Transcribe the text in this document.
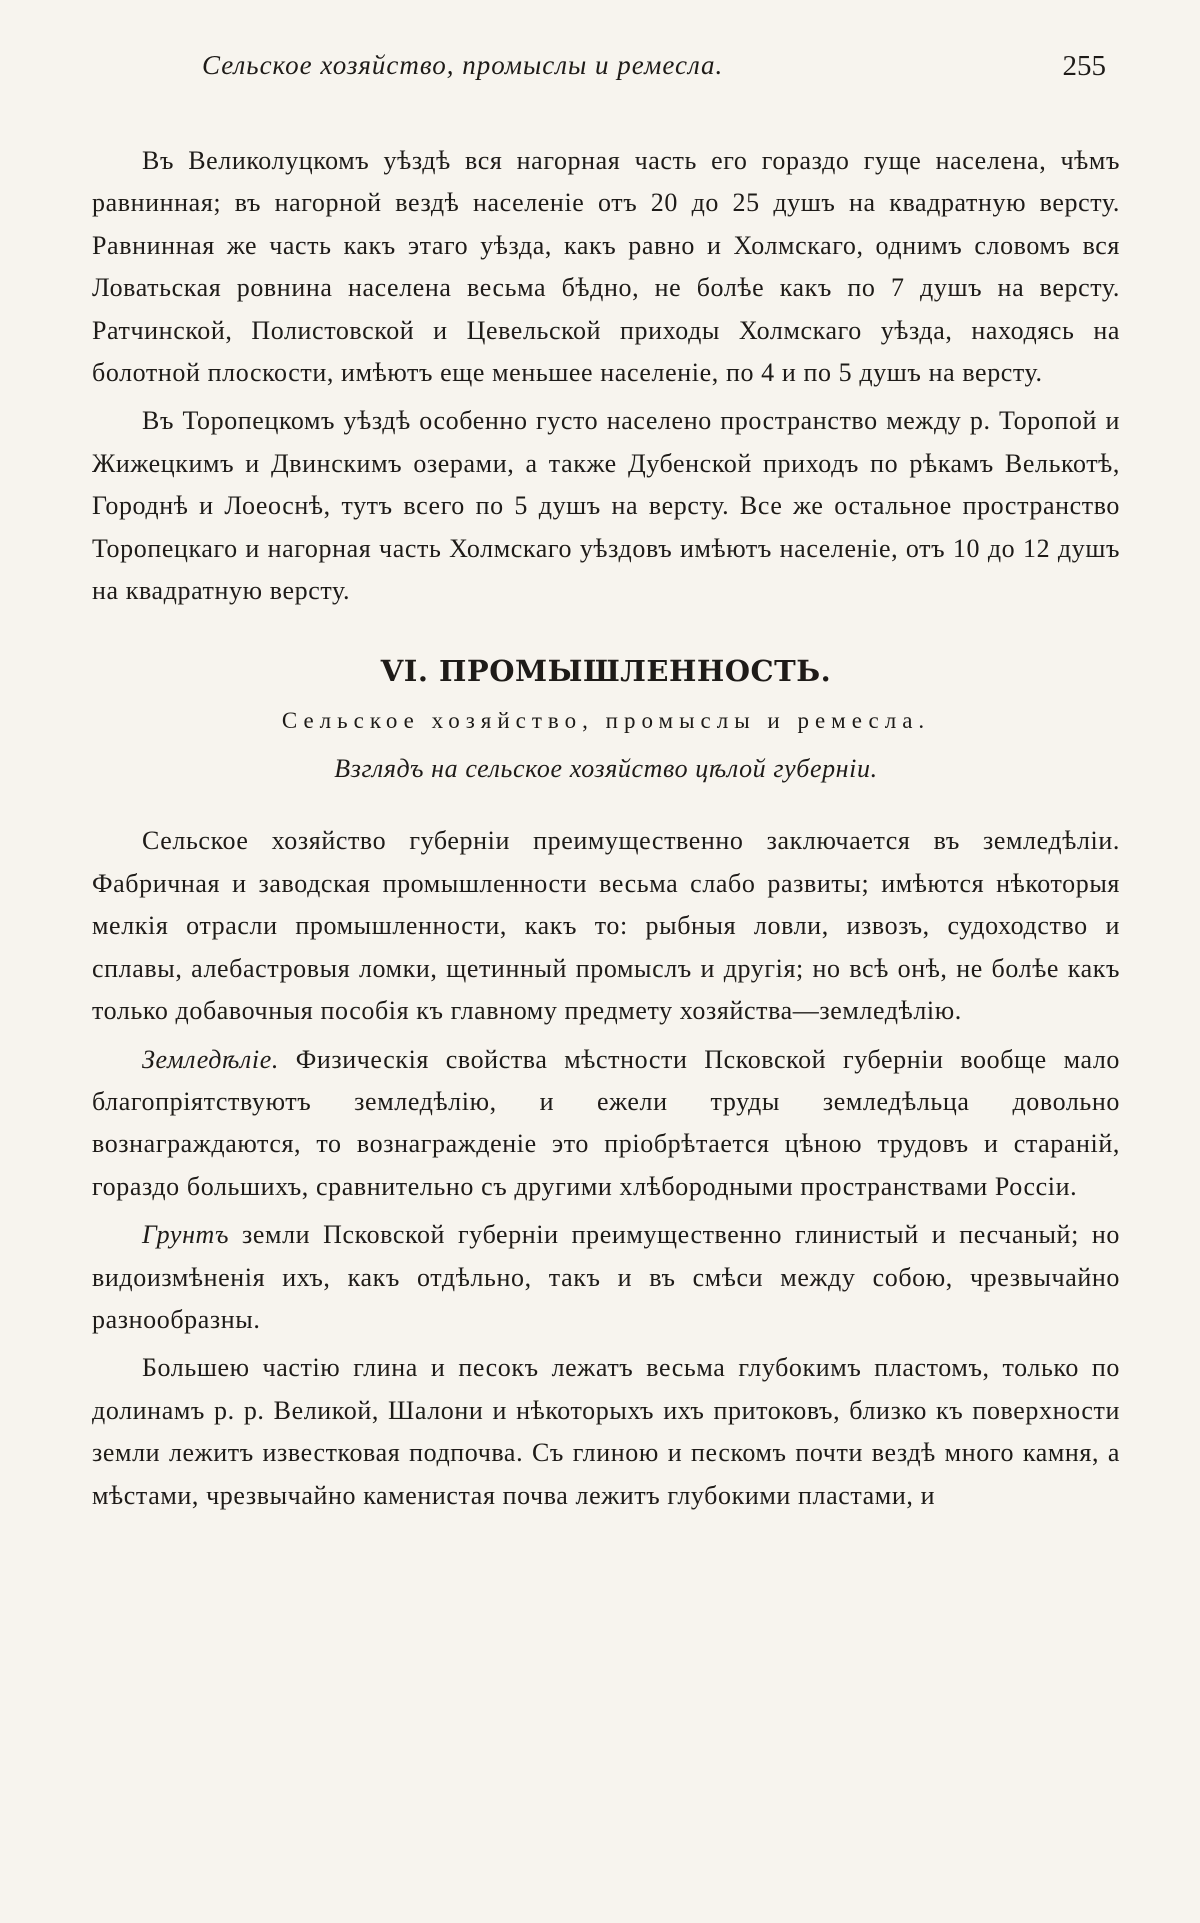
Сельское хозяйство, промыслы и ремесла.	255

Въ Великолуцкомъ уѣздѣ вся нагорная часть его гораздо гуще населена, чѣмъ равнинная; въ нагорной вездѣ населеніе отъ 20 до 25 душъ на квадратную версту. Равнинная же часть какъ этаго уѣзда, какъ равно и Холмскаго, однимъ словомъ вся Ловатьская ровнина населена весьма бѣдно, не болѣе какъ по 7 душъ на версту. Ратчинской, Полистовской и Цевельской приходы Холмскаго уѣзда, находясь на болотной плоскости, имѣютъ еще меньшее населеніе, по 4 и по 5 душъ на версту.

Въ Торопецкомъ уѣздѣ особенно густо населено пространство между р. Торопой и Жижецкимъ и Двинскимъ озерами, а также Дубенской приходъ по рѣкамъ Велькотѣ, Городнѣ и Лоеоснѣ, тутъ всего по 5 душъ на версту. Все же остальное пространство Торопецкаго и нагорная часть Холмскаго уѣздовъ имѣютъ населеніе, отъ 10 до 12 душъ на квадратную версту.

VI. ПРОМЫШЛЕННОСТЬ.
Сельское хозяйство, промыслы и ремесла.
Взглядъ на сельское хозяйство цѣлой губерніи.

Сельское хозяйство губерніи преимущественно заключается въ земледѣліи. Фабричная и заводская промышленности весьма слабо развиты; имѣются нѣкоторыя мелкія отрасли промышленности, какъ то: рыбныя ловли, извозъ, судоходство и сплавы, алебастровыя ломки, щетинный промыслъ и другія; но всѣ онѣ, не болѣе какъ только добавочныя пособія къ главному предмету хозяйства—земледѣлію.

Земледѣліе. Физическія свойства мѣстности Псковской губерніи вообще мало благопріятствуютъ земледѣлію, и ежели труды земледѣльца довольно вознаграждаются, то вознагражденіе это пріобрѣтается цѣною трудовъ и стараній, гораздо большихъ, сравнительно съ другими хлѣбородными пространствами Россіи.

Грунтъ земли Псковской губерніи преимущественно глинистый и песчаный; но видоизмѣненія ихъ, какъ отдѣльно, такъ и въ смѣси между собою, чрезвычайно разнообразны.

Большею частію глина и песокъ лежатъ весьма глубокимъ пластомъ, только по долинамъ р. р. Великой, Шалони и нѣкоторыхъ ихъ притоковъ, близко къ поверхности земли лежитъ известковая подпочва. Съ глиною и пескомъ почти вездѣ много камня, а мѣстами, чрезвычайно каменистая почва лежитъ глубокими пластами, и
